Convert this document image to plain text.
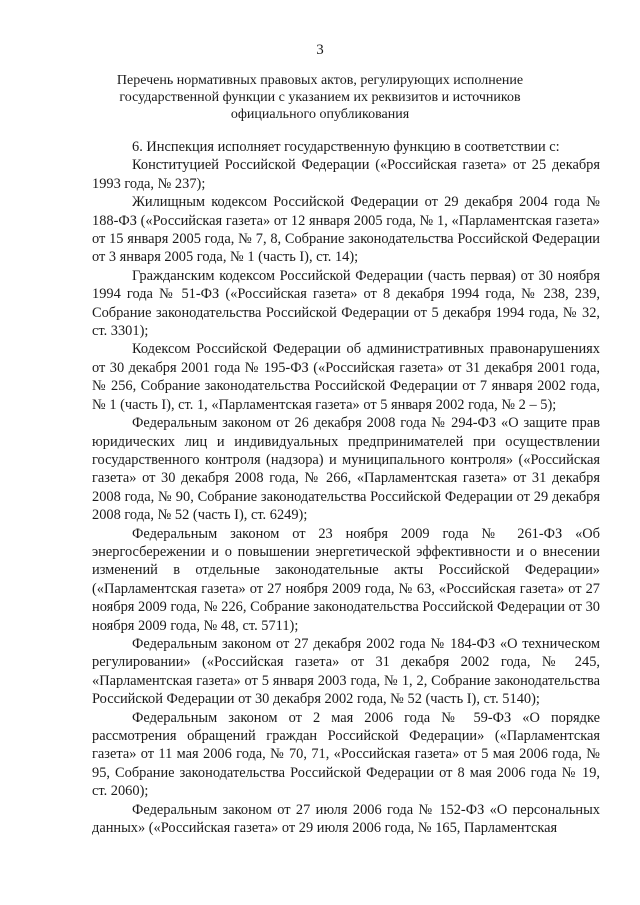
3
Перечень нормативных правовых актов, регулирующих исполнение государственной функции с указанием их реквизитов и источников официального опубликования

6. Инспекция исполняет государственную функцию в соответствии с:

Конституцией Российской Федерации («Российская газета» от 25 декабря 1993 года, № 237);

Жилищным кодексом Российской Федерации от 29 декабря 2004 года № 188-ФЗ («Российская газета» от 12 января 2005 года, № 1, «Парламентская газета» от 15 января 2005 года, № 7, 8, Собрание законодательства Российской Федерации от 3 января 2005 года, № 1 (часть I), ст. 14);

Гражданским кодексом Российской Федерации (часть первая) от 30 ноября 1994 года № 51-ФЗ («Российская газета» от 8 декабря 1994 года, № 238, 239, Собрание законодательства Российской Федерации от 5 декабря 1994 года, № 32, ст. 3301);

Кодексом Российской Федерации об административных правонарушениях от 30 декабря 2001 года № 195-ФЗ («Российская газета» от 31 декабря 2001 года, № 256, Собрание законодательства Российской Федерации от 7 января 2002 года, № 1 (часть I), ст. 1, «Парламентская газета» от 5 января 2002 года, № 2 – 5);

Федеральным законом от 26 декабря 2008 года № 294-ФЗ «О защите прав юридических лиц и индивидуальных предпринимателей при осуществлении государственного контроля (надзора) и муниципального контроля» («Российская газета» от 30 декабря 2008 года, № 266, «Парламентская газета» от 31 декабря 2008 года, № 90, Собрание законодательства Российской Федерации от 29 декабря 2008 года, № 52 (часть I), ст. 6249);

Федеральным законом от 23 ноября 2009 года № 261-ФЗ «Об энергосбережении и о повышении энергетической эффективности и о внесении изменений в отдельные законодательные акты Российской Федерации» («Парламентская газета» от 27 ноября 2009 года, № 63, «Российская газета» от 27 ноября 2009 года, № 226, Собрание законодательства Российской Федерации от 30 ноября 2009 года, № 48, ст. 5711);

Федеральным законом от 27 декабря 2002 года № 184-ФЗ «О техническом регулировании» («Российская газета» от 31 декабря 2002 года, № 245, «Парламентская газета» от 5 января 2003 года, № 1, 2, Собрание законодательства Российской Федерации от 30 декабря 2002 года, № 52 (часть I), ст. 5140);

Федеральным законом от 2 мая 2006 года № 59-ФЗ «О порядке рассмотрения обращений граждан Российской Федерации» («Парламентская газета» от 11 мая 2006 года, № 70, 71, «Российская газета» от 5 мая 2006 года, № 95, Собрание законодательства Российской Федерации от 8 мая 2006 года № 19, ст. 2060);

Федеральным законом от 27 июля 2006 года № 152-ФЗ «О персональных данных» («Российская газета» от 29 июля 2006 года, № 165, Парламентская
